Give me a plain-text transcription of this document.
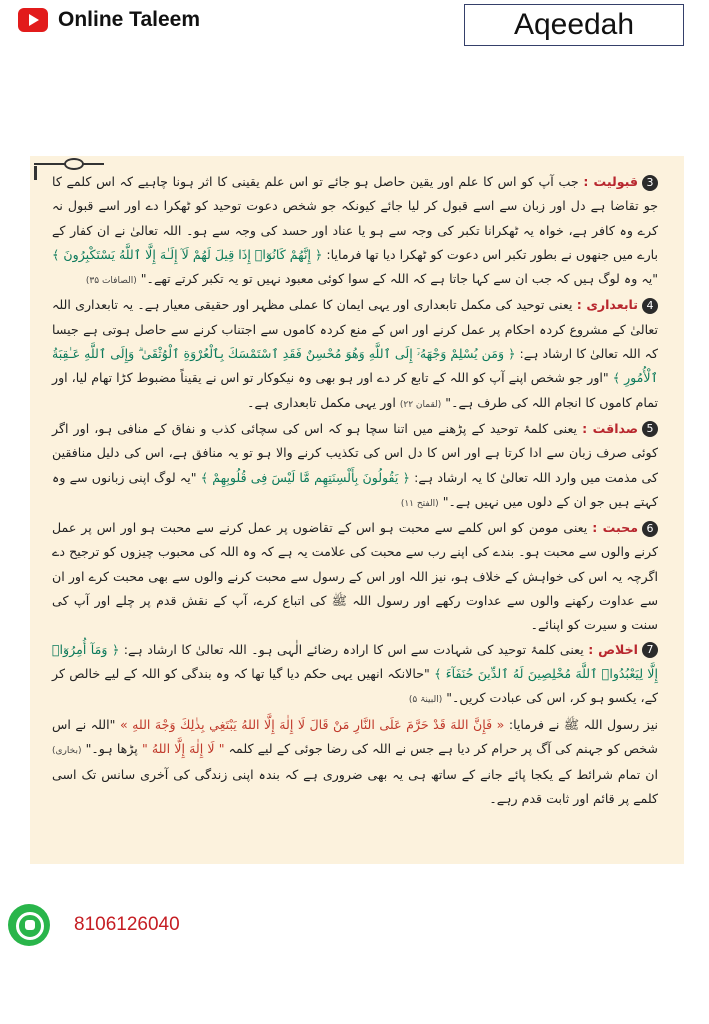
Online Taleem	Aqeedah

3قبولیت : جب آپ کو اس کا علم اور یقین حاصل ہو جائے تو اس علم یقینی کا اثر ہونا چاہیے کہ اس کلمے کا جو تقاضا ہے دل اور زبان سے اسے قبول کر لیا جائے کیونکہ جو شخص دعوت توحید کو ٹھکرا دے اور اسے قبول نہ کرے وہ کافر ہے، خواہ یہ ٹھکرانا تکبر کی وجہ سے ہو یا عناد اور حسد کی وجہ سے ہو۔ اللہ تعالیٰ نے ان کفار کے بارے میں جنھوں نے بطور تکبر اس دعوت کو ٹھکرا دیا تھا فرمایا: ﴿ إِنَّهُمْ كَانُوٓا۟ إِذَا قِيلَ لَهُمْ لَآ إِلَـٰهَ إِلَّا ٱللَّهُ يَسْتَكْبِرُونَ ﴾ "یہ وہ لوگ ہیں کہ جب ان سے کہا جاتا ہے کہ اللہ کے سوا کوئی معبود نہیں تو یہ تکبر کرتے تھے۔" (الصافات ۳۵)

4تابعداری : یعنی توحید کی مکمل تابعداری اور یہی ایمان کا عملی مظہر اور حقیقی معیار ہے۔ یہ تابعداری اللہ تعالیٰ کے مشروع کردہ احکام پر عمل کرنے اور اس کے منع کردہ کاموں سے اجتناب کرنے سے حاصل ہوتی ہے جیسا کہ اللہ تعالیٰ کا ارشاد ہے: ﴿ وَمَن يُسْلِمْ وَجْهَهُۥٓ إِلَى ٱللَّهِ وَهُوَ مُحْسِنٌ فَقَدِ ٱسْتَمْسَكَ بِٱلْعُرْوَةِ ٱلْوُثْقَىٰ ۗ وَإِلَى ٱللَّهِ عَـٰقِبَةُ ٱلْأُمُورِ ﴾ "اور جو شخص اپنے آپ کو اللہ کے تابع کر دے اور ہو بھی وہ نیکوکار تو اس نے یقیناً مضبوط کڑا تھام لیا، اور تمام کاموں کا انجام اللہ کی طرف ہے۔" (لقمان ۲۲) اور یہی مکمل تابعداری ہے۔

5صداقت : یعنی کلمۂ توحید کے پڑھنے میں اتنا سچا ہو کہ اس کی سچائی کذب و نفاق کے منافی ہو، اور اگر کوئی صرف زبان سے ادا کرتا ہے اور اس کا دل اس کی تکذیب کرنے والا ہو تو یہ منافق ہے، اس کی دلیل منافقین کی مذمت میں وارد اللہ تعالیٰ کا یہ ارشاد ہے: ﴿ يَقُولُونَ بِأَلْسِنَتِهِم مَّا لَيْسَ فِى قُلُوبِهِمْ ﴾ "یہ لوگ اپنی زبانوں سے وہ کہتے ہیں جو ان کے دلوں میں نہیں ہے۔" (الفتح ۱۱)

6محبت : یعنی مومن کو اس کلمے سے محبت ہو اس کے تقاضوں پر عمل کرنے سے محبت ہو اور اس پر عمل کرنے والوں سے محبت ہو۔ بندے کی اپنے رب سے محبت کی علامت یہ ہے کہ وہ اللہ کی محبوب چیزوں کو ترجیح دے اگرچہ یہ اس کی خواہش کے خلاف ہو، نیز اللہ اور اس کے رسول سے محبت کرنے والوں سے بھی محبت کرے اور ان سے عداوت رکھنے والوں سے عداوت رکھے اور رسول اللہ ﷺ کی اتباع کرے، آپ کے نقش قدم پر چلے اور آپ کی سنت و سیرت کو اپنائے۔

7اخلاص : یعنی کلمۂ توحید کی شہادت سے اس کا ارادہ رضائے الٰہی ہو۔ اللہ تعالیٰ کا ارشاد ہے: ﴿ وَمَآ أُمِرُوٓا۟ إِلَّا لِيَعْبُدُوا۟ ٱللَّهَ مُخْلِصِينَ لَهُ ٱلدِّينَ حُنَفَآءَ ﴾ "حالانکہ انھیں یہی حکم دیا گیا تھا کہ وہ بندگی کو اللہ کے لیے خالص کر کے، یکسو ہو کر، اس کی عبادت کریں۔" (البینۃ ۵)

نیز رسول اللہ ﷺ نے فرمایا: « فَإِنَّ اللهَ قَدْ حَرَّمَ عَلَى النَّارِ مَنْ قَالَ لَا إِلٰهَ إِلَّا اللهُ يَبْتَغِي بِذٰلِكَ وَجْهَ اللهِ » "اللہ نے اس شخص کو جہنم کی آگ پر حرام کر دیا ہے جس نے اللہ کی رضا جوئی کے لیے کلمہ " لَا إِلٰهَ إِلَّا اللهُ " پڑھا ہو۔" (بخاری) ان تمام شرائط کے یکجا پائے جانے کے ساتھ ہی یہ بھی ضروری ہے کہ بندہ اپنی زندگی کی آخری سانس تک اسی کلمے پر قائم اور ثابت قدم رہے۔

8106126040
